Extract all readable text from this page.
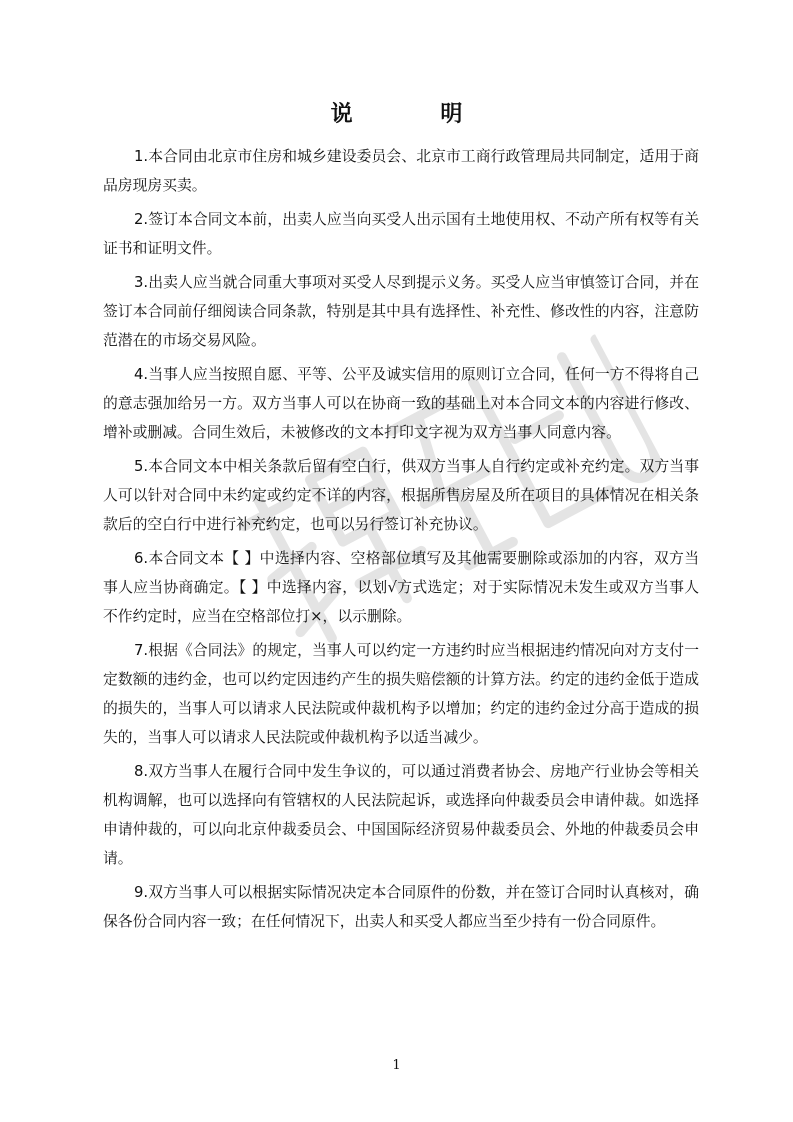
说 明

1.本合同由北京市住房和城乡建设委员会、北京市工商行政管理局共同制定，适用于商品房现房买卖。

2.签订本合同文本前，出卖人应当向买受人出示国有土地使用权、不动产所有权等有关证书和证明文件。

3.出卖人应当就合同重大事项对买受人尽到提示义务。买受人应当审慎签订合同，并在签订本合同前仔细阅读合同条款，特别是其中具有选择性、补充性、修改性的内容，注意防范潜在的市场交易风险。

4.当事人应当按照自愿、平等、公平及诚实信用的原则订立合同，任何一方不得将自己的意志强加给另一方。双方当事人可以在协商一致的基础上对本合同文本的内容进行修改、增补或删减。合同生效后，未被修改的文本打印文字视为双方当事人同意内容。

5.本合同文本中相关条款后留有空白行，供双方当事人自行约定或补充约定。双方当事人可以针对合同中未约定或约定不详的内容，根据所售房屋及所在项目的具体情况在相关条款后的空白行中进行补充约定，也可以另行签订补充协议。

6.本合同文本【 】中选择内容、空格部位填写及其他需要删除或添加的内容，双方当事人应当协商确定。【 】中选择内容，以划√方式选定；对于实际情况未发生或双方当事人不作约定时，应当在空格部位打×，以示删除。

7.根据《合同法》的规定，当事人可以约定一方违约时应当根据违约情况向对方支付一定数额的违约金，也可以约定因违约产生的损失赔偿额的计算方法。约定的违约金低于造成的损失的，当事人可以请求人民法院或仲裁机构予以增加；约定的违约金过分高于造成的损失的，当事人可以请求人民法院或仲裁机构予以适当减少。

8.双方当事人在履行合同中发生争议的，可以通过消费者协会、房地产行业协会等相关机构调解，也可以选择向有管辖权的人民法院起诉，或选择向仲裁委员会申请仲裁。如选择申请仲裁的，可以向北京仲裁委员会、中国国际经济贸易仲裁委员会、外地的仲裁委员会申请。

9.双方当事人可以根据实际情况决定本合同原件的份数，并在签订合同时认真核对，确保各份合同内容一致；在任何情况下，出卖人和买受人都应当至少持有一份合同原件。

1
